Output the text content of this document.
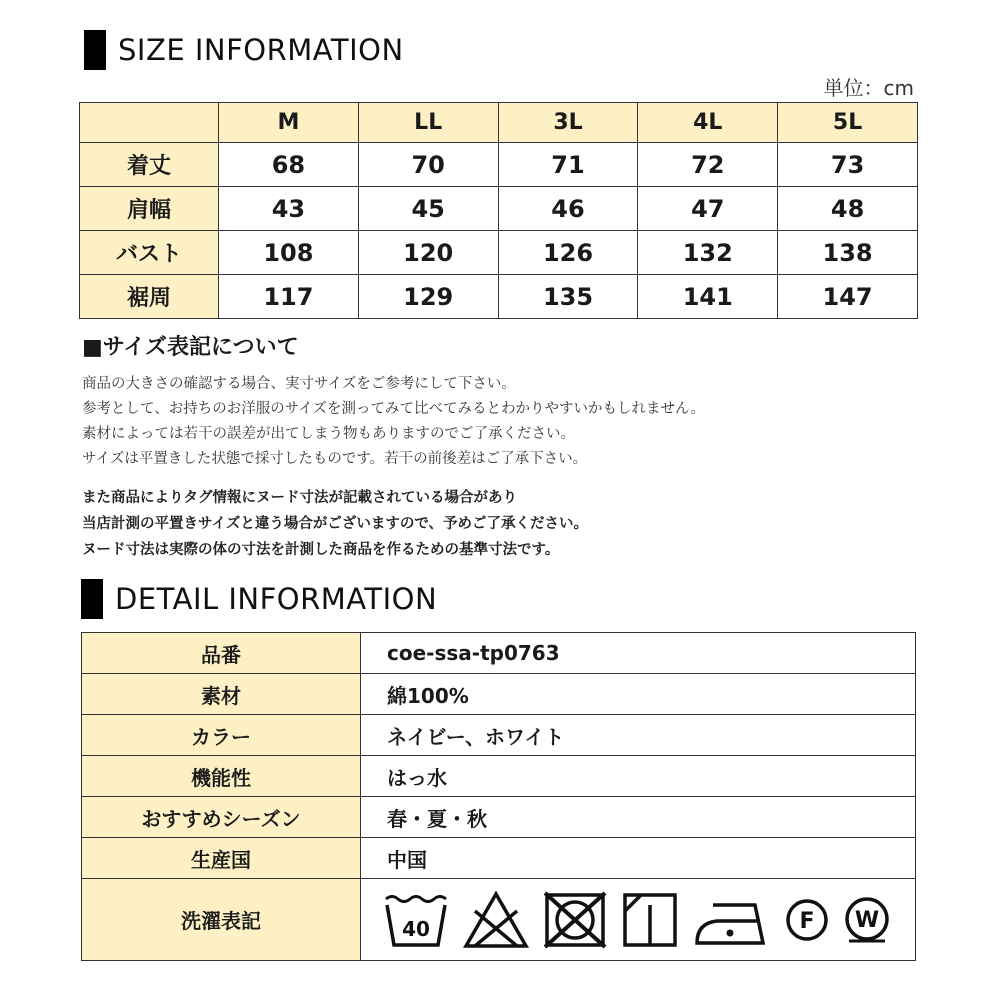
SIZE INFORMATION
単位：cm
	M	LL	3L	4L	5L
着丈	68	70	71	72	73
肩幅	43	45	46	47	48
バスト	108	120	126	132	138
裾周	117	129	135	141	147
■サイズ表記について
商品の大きさの確認する場合、実寸サイズをご参考にして下さい。
参考として、お持ちのお洋服のサイズを測ってみて比べてみるとわかりやすいかもしれません。
素材によっては若干の誤差が出てしまう物もありますのでご了承ください。
サイズは平置きした状態で採寸したものです。若干の前後差はご了承下さい。
また商品によりタグ情報にヌード寸法が記載されている場合があり
当店計測の平置きサイズと違う場合がございますので、予めご了承ください。
ヌード寸法は実際の体の寸法を計測した商品を作るための基準寸法です。
DETAIL INFORMATION
品番	coe-ssa-tp0763
素材	綿100%
カラー	ネイビー、ホワイト
機能性	はっ水
おすすめシーズン	春・夏・秋
生産国	中国
洗濯表記	40 F W
